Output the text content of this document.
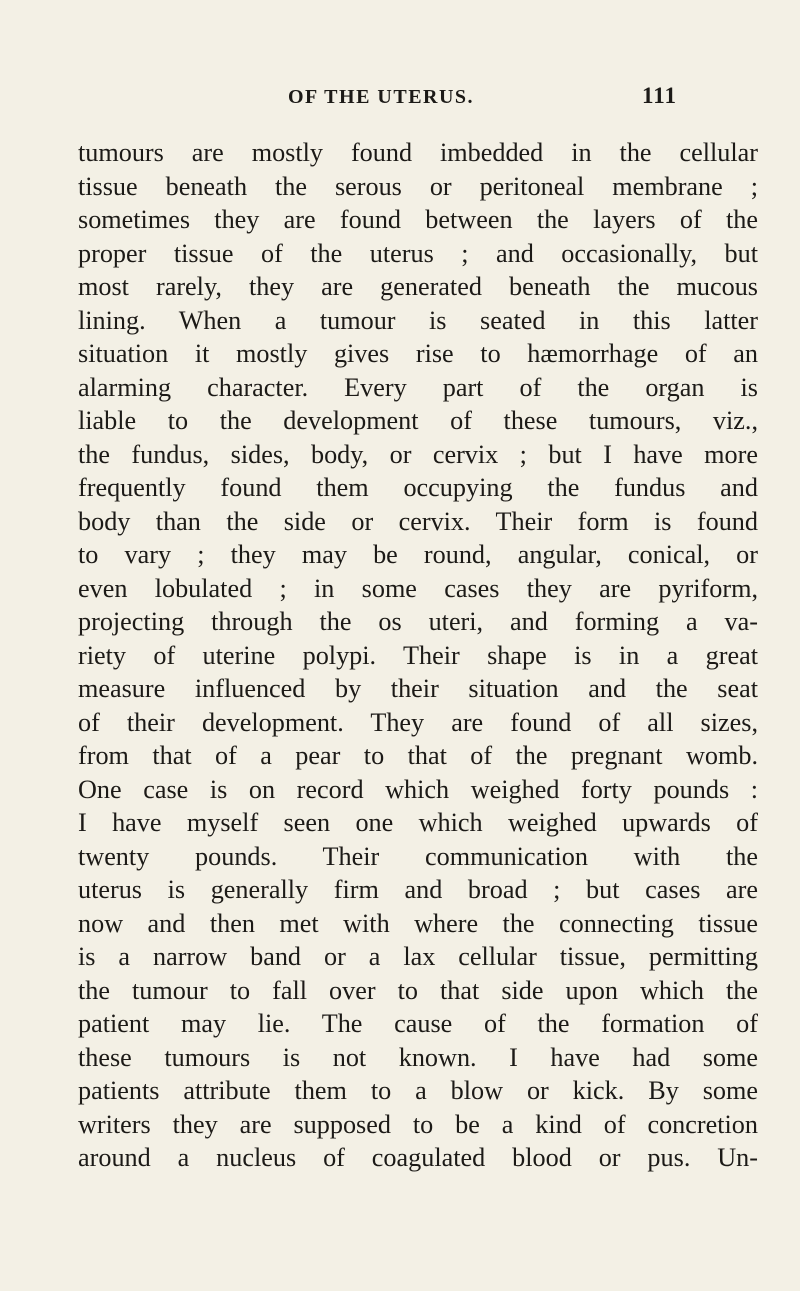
OF THE UTERUS.	111
tumours are mostly found imbedded in the cellular
tissue beneath the serous or peritoneal membrane ;
sometimes they are found between the layers of the
proper tissue of the uterus ; and occasionally, but
most rarely, they are generated beneath the mucous
lining. When a tumour is seated in this latter
situation it mostly gives rise to hæmorrhage of an
alarming character. Every part of the organ is
liable to the development of these tumours, viz.,
the fundus, sides, body, or cervix ; but I have more
frequently found them occupying the fundus and
body than the side or cervix. Their form is found
to vary ; they may be round, angular, conical, or
even lobulated ; in some cases they are pyriform,
projecting through the os uteri, and forming a va-
riety of uterine polypi. Their shape is in a great
measure influenced by their situation and the seat
of their development. They are found of all sizes,
from that of a pear to that of the pregnant womb.
One case is on record which weighed forty pounds :
I have myself seen one which weighed upwards of
twenty pounds. Their communication with the
uterus is generally firm and broad ; but cases are
now and then met with where the connecting tissue
is a narrow band or a lax cellular tissue, permitting
the tumour to fall over to that side upon which the
patient may lie. The cause of the formation of
these tumours is not known. I have had some
patients attribute them to a blow or kick. By some
writers they are supposed to be a kind of concretion
around a nucleus of coagulated blood or pus. Un-
